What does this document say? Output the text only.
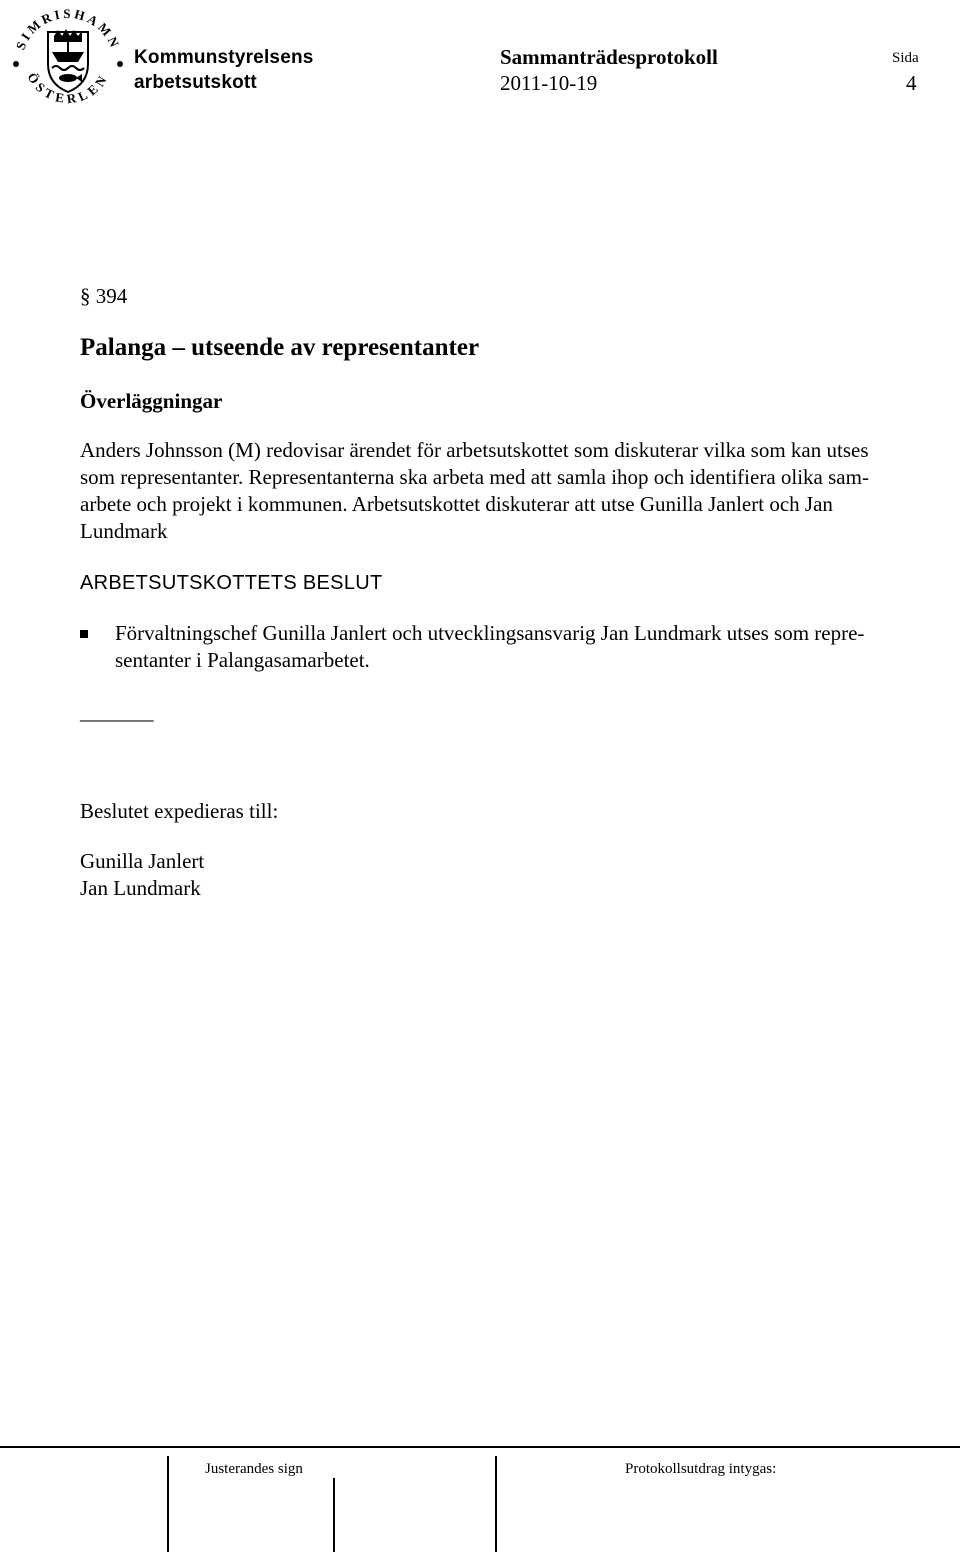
SIMRISHAMN
ÖSTERLEN
Kommunstyrelsens
arbetsutskott
Sammanträdesprotokoll
2011-10-19
Sida
4
§ 394
Palanga – utseende av representanter
Överläggningar
Anders Johnsson (M) redovisar ärendet för arbetsutskottet som diskuterar vilka som kan utses
som representanter. Representanterna ska arbeta med att samla ihop och identifiera olika sam-
arbete och projekt i kommunen. Arbetsutskottet diskuterar att utse Gunilla Janlert och Jan
Lundmark
ARBETSUTSKOTTETS BESLUT
Förvaltningschef Gunilla Janlert och utvecklingsansvarig Jan Lundmark utses som repre-
sentanter i Palangasamarbetet.
_______
Beslutet expedieras till:
Gunilla Janlert
Jan Lundmark
Justerandes sign	Protokollsutdrag intygas:
